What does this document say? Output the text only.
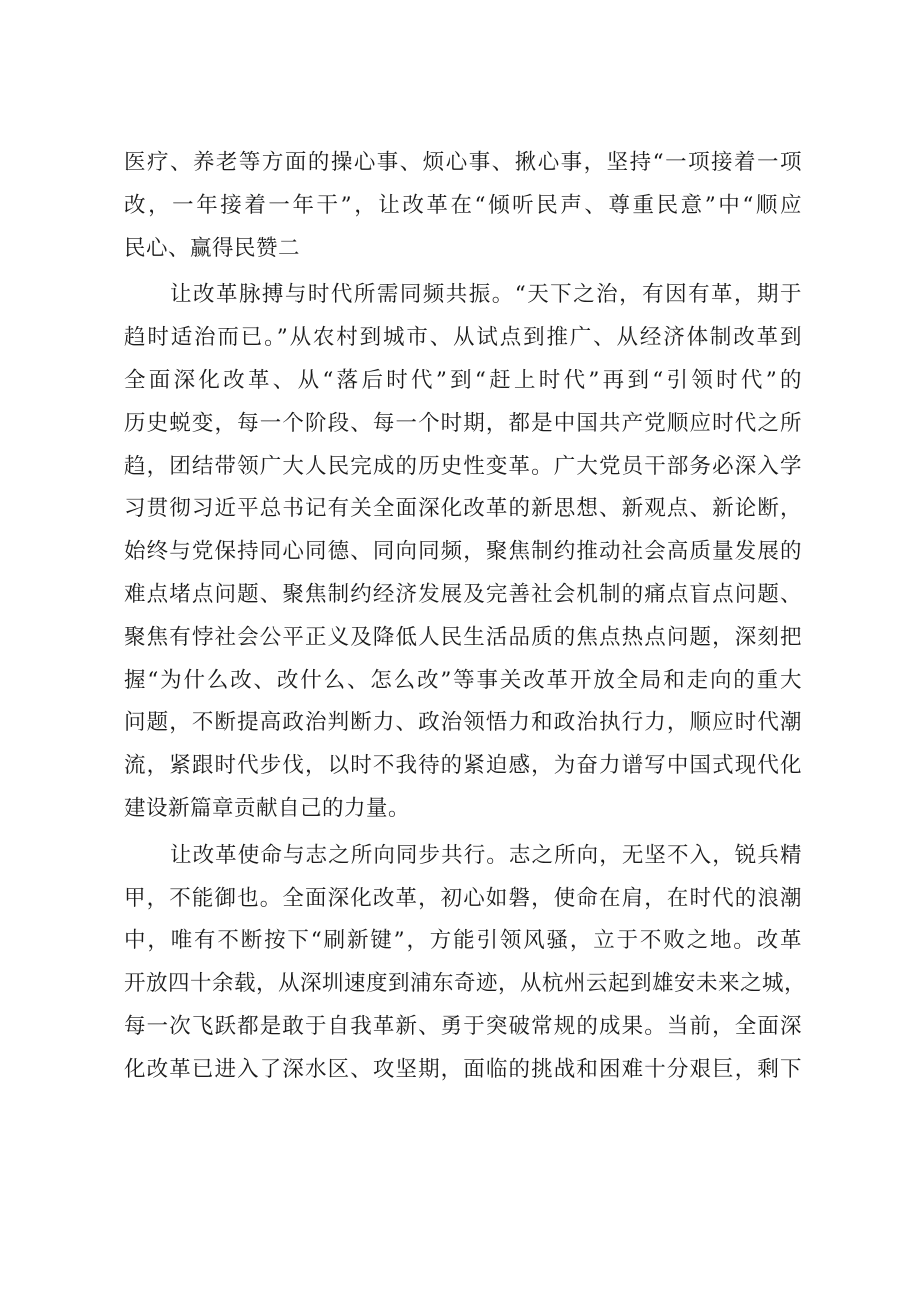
医疗、养老等方面的操心事、烦心事、揪心事，坚持“一项接着一项
改，一年接着一年干”，让改革在“倾听民声、尊重民意”中“顺应
民心、赢得民赞二
让改革脉搏与时代所需同频共振。“天下之治，有因有革，期于
趋时适治而已。”从农村到城市、从试点到推广、从经济体制改革到
全面深化改革、从“落后时代”到“赶上时代”再到“引领时代”的
历史蜕变，每一个阶段、每一个时期，都是中国共产党顺应时代之所
趋，团结带领广大人民完成的历史性变革。广大党员干部务必深入学
习贯彻习近平总书记有关全面深化改革的新思想、新观点、新论断，
始终与党保持同心同德、同向同频，聚焦制约推动社会高质量发展的
难点堵点问题、聚焦制约经济发展及完善社会机制的痛点盲点问题、
聚焦有悖社会公平正义及降低人民生活品质的焦点热点问题，深刻把
握“为什么改、改什么、怎么改”等事关改革开放全局和走向的重大
问题，不断提高政治判断力、政治领悟力和政治执行力，顺应时代潮
流，紧跟时代步伐，以时不我待的紧迫感，为奋力谱写中国式现代化
建设新篇章贡献自己的力量。
让改革使命与志之所向同步共行。志之所向，无坚不入，锐兵精
甲，不能御也。全面深化改革，初心如磐，使命在肩，在时代的浪潮
中，唯有不断按下“刷新键”，方能引领风骚，立于不败之地。改革
开放四十余载，从深圳速度到浦东奇迹，从杭州云起到雄安未来之城，
每一次飞跃都是敢于自我革新、勇于突破常规的成果。当前，全面深
化改革已进入了深水区、攻坚期，面临的挑战和困难十分艰巨，剩下
